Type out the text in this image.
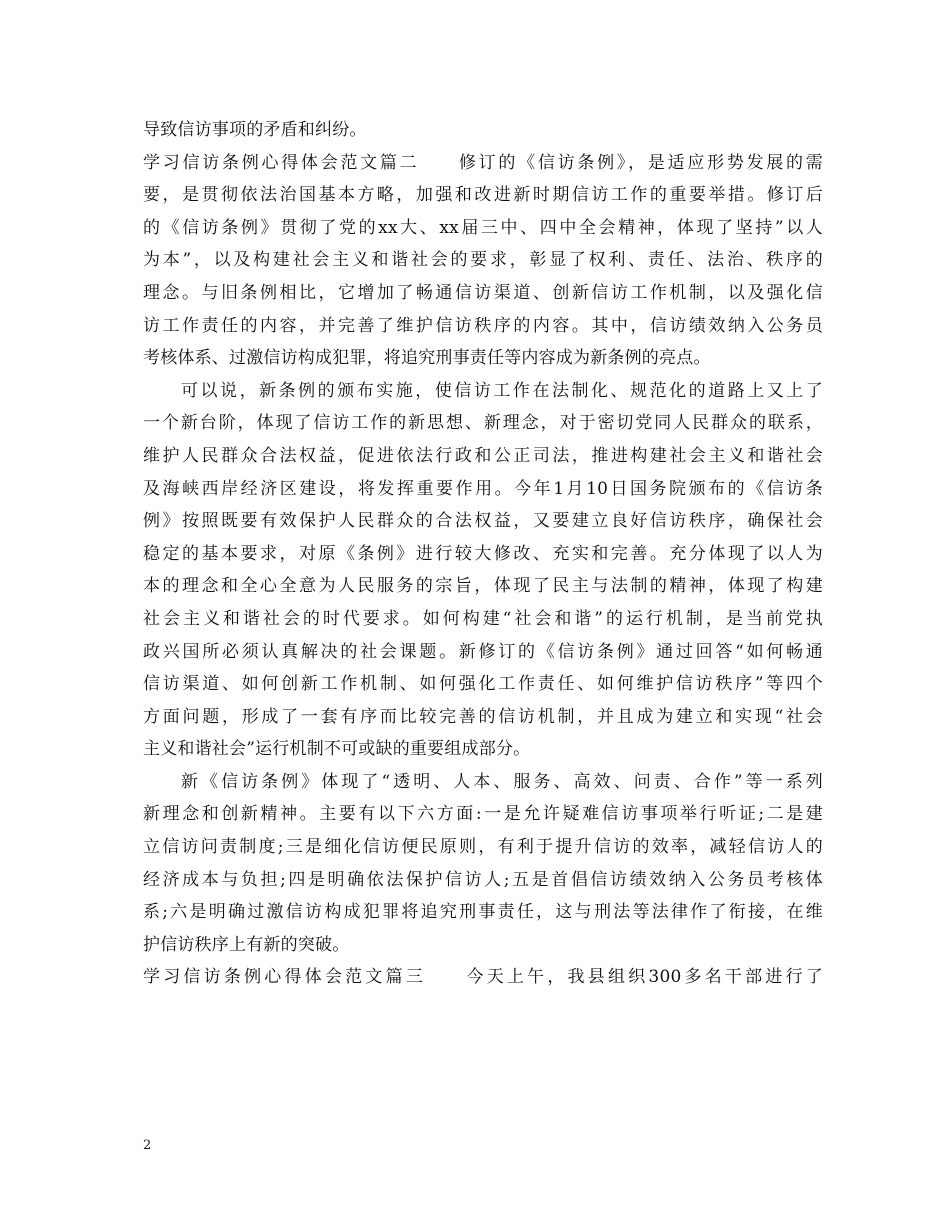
导致信访事项的矛盾和纠纷。
学习信访条例心得体会范文篇二　　修订的《信访条例》，是适应形势发展的需
要，是贯彻依法治国基本方略，加强和改进新时期信访工作的重要举措。修订后
的《信访条例》贯彻了党的xx大、xx届三中、四中全会精神，体现了坚持”以人
为本”，以及构建社会主义和谐社会的要求，彰显了权利、责任、法治、秩序的
理念。与旧条例相比，它增加了畅通信访渠道、创新信访工作机制，以及强化信
访工作责任的内容，并完善了维护信访秩序的内容。其中，信访绩效纳入公务员
考核体系、过激信访构成犯罪，将追究刑事责任等内容成为新条例的亮点。
可以说，新条例的颁布实施，使信访工作在法制化、规范化的道路上又上了
一个新台阶，体现了信访工作的新思想、新理念，对于密切党同人民群众的联系，
维护人民群众合法权益，促进依法行政和公正司法，推进构建社会主义和谐社会
及海峡西岸经济区建设，将发挥重要作用。今年1月10日国务院颁布的《信访条
例》按照既要有效保护人民群众的合法权益，又要建立良好信访秩序，确保社会
稳定的基本要求，对原《条例》进行较大修改、充实和完善。充分体现了以人为
本的理念和全心全意为人民服务的宗旨，体现了民主与法制的精神，体现了构建
社会主义和谐社会的时代要求。如何构建“社会和谐”的运行机制，是当前党执
政兴国所必须认真解决的社会课题。新修订的《信访条例》通过回答“如何畅通
信访渠道、如何创新工作机制、如何强化工作责任、如何维护信访秩序”等四个
方面问题，形成了一套有序而比较完善的信访机制，并且成为建立和实现“社会
主义和谐社会”运行机制不可或缺的重要组成部分。
新《信访条例》体现了“透明、人本、服务、高效、问责、合作”等一系列
新理念和创新精神。主要有以下六方面:一是允许疑难信访事项举行听证;二是建
立信访问责制度;三是细化信访便民原则，有利于提升信访的效率，减轻信访人的
经济成本与负担;四是明确依法保护信访人;五是首倡信访绩效纳入公务员考核体
系;六是明确过激信访构成犯罪将追究刑事责任，这与刑法等法律作了衔接，在维
护信访秩序上有新的突破。
学习信访条例心得体会范文篇三　　今天上午，我县组织300多名干部进行了
2
